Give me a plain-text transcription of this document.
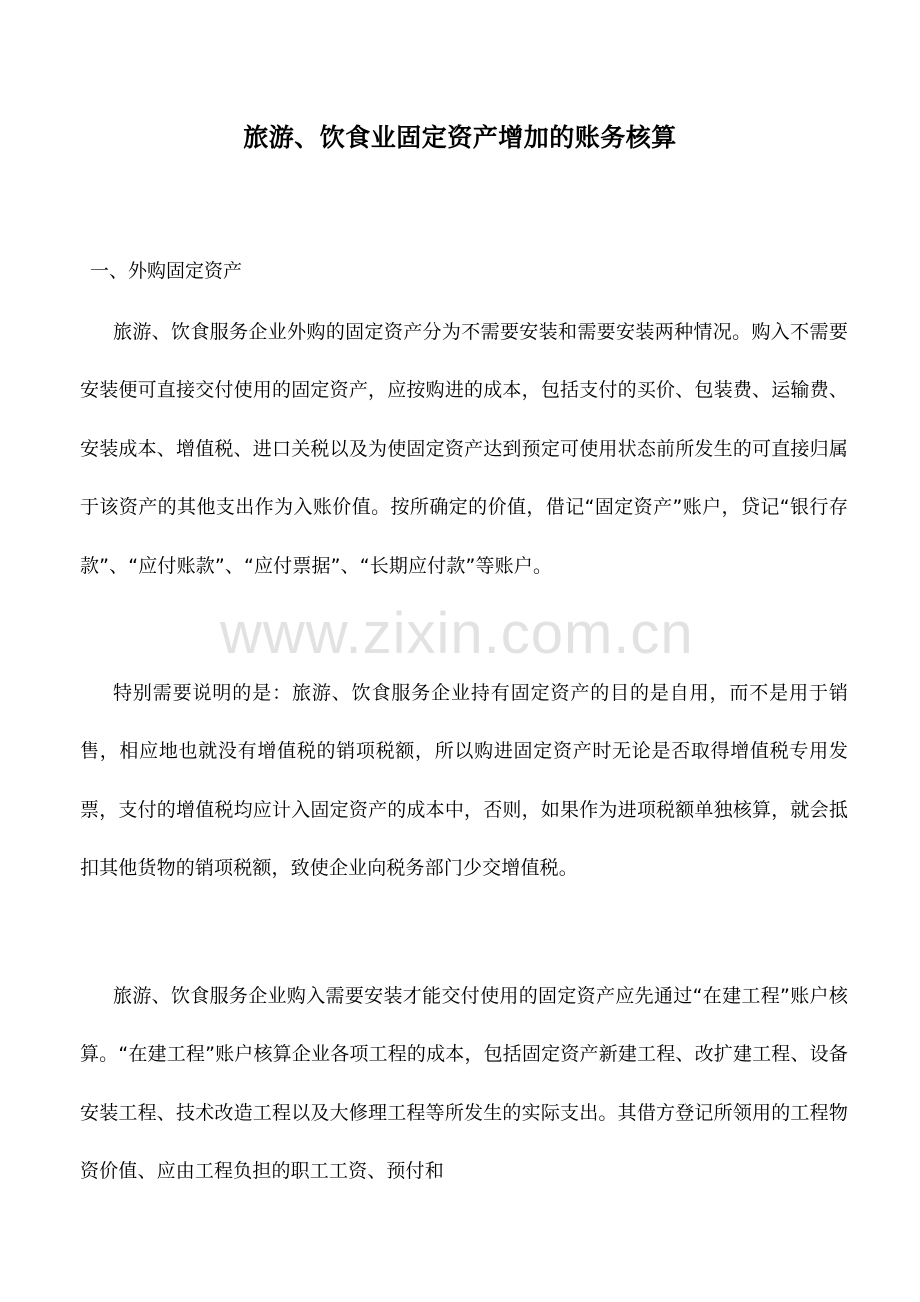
旅游、饮食业固定资产增加的账务核算
一、外购固定资产

旅游、饮食服务企业外购的固定资产分为不需要安装和需要安装两种情况。购入不需要安装便可直接交付使用的固定资产，应按购进的成本，包括支付的买价、包装费、运输费、安装成本、增值税、进口关税以及为使固定资产达到预定可使用状态前所发生的可直接归属于该资产的其他支出作为入账价值。按所确定的价值，借记“固定资产”账户，贷记“银行存款”、“应付账款”、“应付票据”、“长期应付款”等账户。

特别需要说明的是：旅游、饮食服务企业持有固定资产的目的是自用，而不是用于销售，相应地也就没有增值税的销项税额，所以购进固定资产时无论是否取得增值税专用发票，支付的增值税均应计入固定资产的成本中，否则，如果作为进项税额单独核算，就会抵扣其他货物的销项税额，致使企业向税务部门少交增值税。

旅游、饮食服务企业购入需要安装才能交付使用的固定资产应先通过“在建工程”账户核算。“在建工程”账户核算企业各项工程的成本，包括固定资产新建工程、改扩建工程、设备安装工程、技术改造工程以及大修理工程等所发生的实际支出。其借方登记所领用的工程物资价值、应由工程负担的职工工资、预付和

www.zixin.com.cn
